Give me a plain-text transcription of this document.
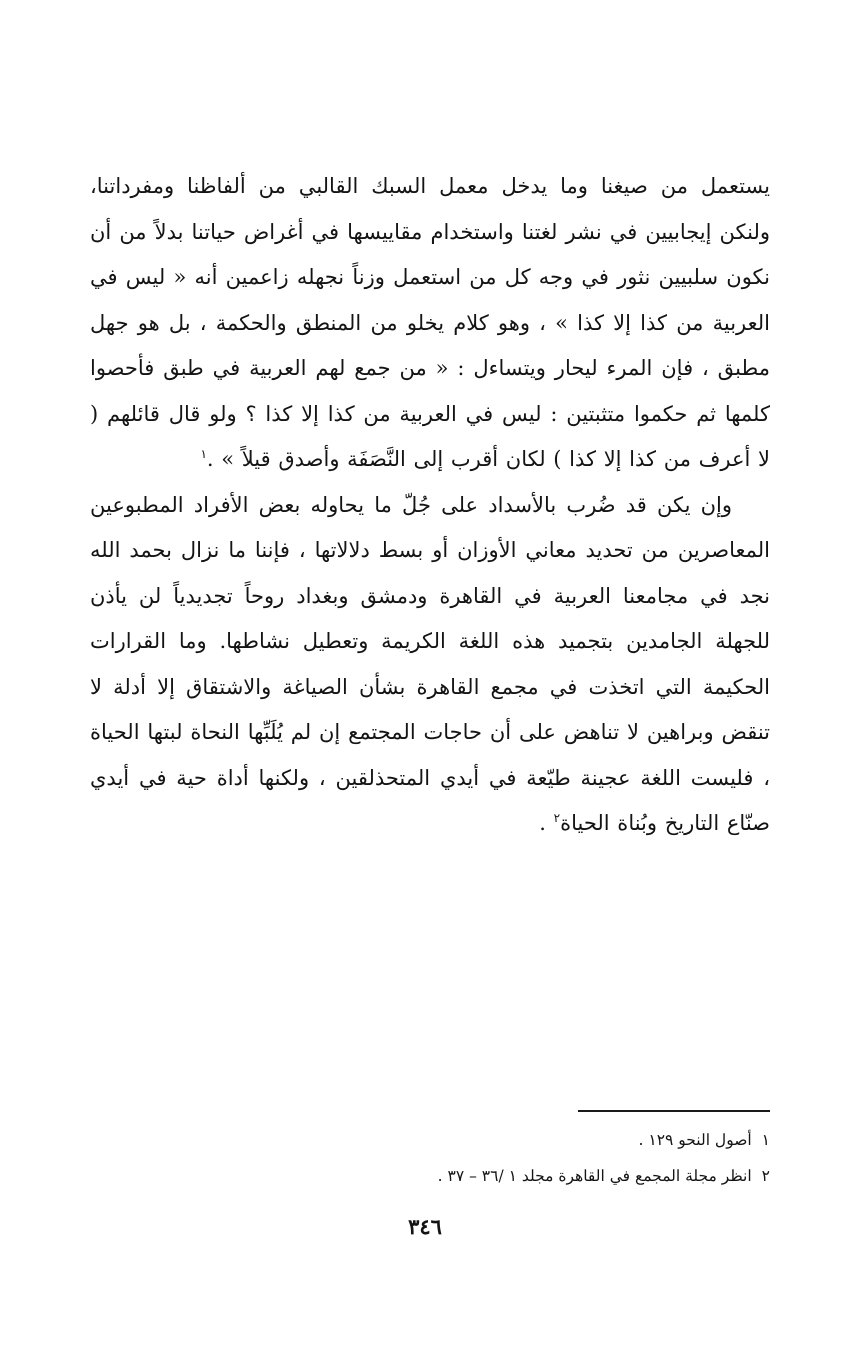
يستعمل من صيغنا وما يدخل معمل السبك القالبي من ألفاظنا ومفرداتنا، ولنكن إيجابيين في نشر لغتنا واستخدام مقاييسها في أغراض حياتنا بدلاً من أن نكون سلبيين نثور في وجه كل من استعمل وزناً نجهله زاعمين أنه « ليس في العربية من كذا إلا كذا » ، وهو كلام يخلو من المنطق والحكمة ، بل هو جهل مطبق ، فإن المرء ليحار ويتساءل : « من جمع لهم العربية في طبق فأحصوا كلمها ثم حكموا متثبتين : ليس في العربية من كذا إلا كذا ؟ ولو قال قائلهم ( لا أعرف من كذا إلا كذا ) لكان أقرب إلى النَّصَفَة وأصدق قيلاً » .$^١$

وإن يكن قد ضُرب بالأسداد على جُلّ ما يحاوله بعض الأفراد المطبوعين المعاصرين من تحديد معاني الأوزان أو بسط دلالاتها ، فإننا ما نزال بحمد الله نجد في مجامعنا العربية في القاهرة ودمشق وبغداد روحاً تجديدياً لن يأذن للجهلة الجامدين بتجميد هذه اللغة الكريمة وتعطيل نشاطها. وما القرارات الحكيمة التي اتخذت في مجمع القاهرة بشأن الصياغة والاشتقاق إلا أدلة لا تنقض وبراهين لا تناهض على أن حاجات المجتمع إن لم يُلَبِّها النحاة لبتها الحياة ، فليست اللغة عجينة طيّعة في أيدي المتحذلقين ، ولكنها أداة حية في أيدي صنّاع التاريخ وبُناة الحياة$^٢$ .

١أصول النحو ١٢٩ .

٢انظر مجلة المجمع في القاهرة مجلد ١ /٣٦ – ٣٧ .

٣٤٦
